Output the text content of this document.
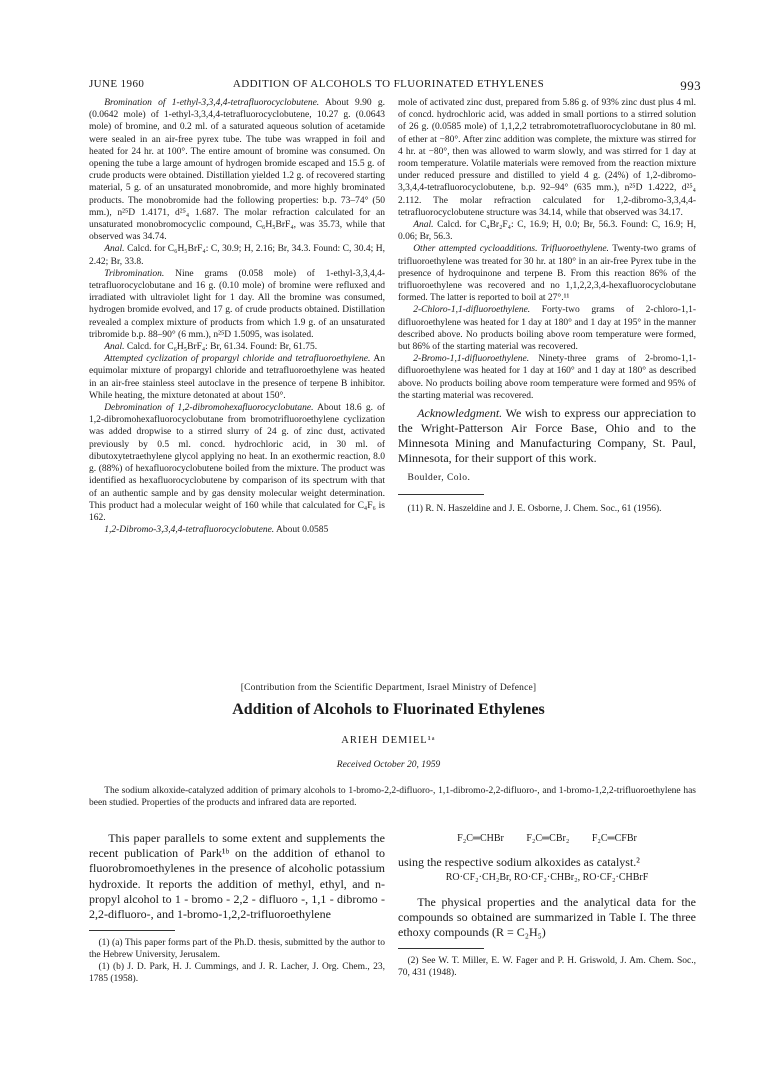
JUNE 1960	ADDITION OF ALCOHOLS TO FLUORINATED ETHYLENES	993

Bromination of 1-ethyl-3,3,4,4-tetrafluorocyclobutene. About 9.90 g. (0.0642 mole) of 1-ethyl-3,3,4,4-tetrafluorocyclobutene, 10.27 g. (0.0643 mole) of bromine, and 0.2 ml. of a saturated aqueous solution of acetamide were sealed in an air-free pyrex tube. The tube was wrapped in foil and heated for 24 hr. at 100°. The entire amount of bromine was consumed. On opening the tube a large amount of hydrogen bromide escaped and 15.5 g. of crude products were obtained. Distillation yielded 1.2 g. of recovered starting material, 5 g. of an unsaturated monobromide, and more highly brominated products. The monobromide had the following properties: b.p. 73–74° (50 mm.), n²⁵D 1.4171, d²⁵₄ 1.687. The molar refraction calculated for an unsaturated monobromocyclic compound, C₆H₅BrF₄, was 35.73, while that observed was 34.74.

Anal. Calcd. for C₆H₅BrF₄: C, 30.9; H, 2.16; Br, 34.3. Found: C, 30.4; H, 2.42; Br, 33.8.

Tribromination. Nine grams (0.058 mole) of 1-ethyl-3,3,4,4-tetrafluorocyclobutane and 16 g. (0.10 mole) of bromine were refluxed and irradiated with ultraviolet light for 1 day. All the bromine was consumed, hydrogen bromide evolved, and 17 g. of crude products obtained. Distillation revealed a complex mixture of products from which 1.9 g. of an unsaturated tribromide b.p. 88–90° (6 mm.), n²⁵D 1.5095, was isolated.

Anal. Calcd. for C₆H₅BrF₄: Br, 61.34. Found: Br, 61.75.

Attempted cyclization of propargyl chloride and tetrafluoroethylene. An equimolar mixture of propargyl chloride and tetrafluoroethylene was heated in an air-free stainless steel autoclave in the presence of terpene B inhibitor. While heating, the mixture detonated at about 150°.

Debromination of 1,2-dibromohexafluorocyclobutane. About 18.6 g. of 1,2-dibromohexafluorocyclobutane from bromotrifluoroethylene cyclization was added dropwise to a stirred slurry of 24 g. of zinc dust, activated previously by 0.5 ml. concd. hydrochloric acid, in 30 ml. of dibutoxytetraethylene glycol applying no heat. In an exothermic reaction, 8.0 g. (88%) of hexafluorocyclobutene boiled from the mixture. The product was identified as hexafluorocyclobutene by comparison of its spectrum with that of an authentic sample and by gas density molecular weight determination. This product had a molecular weight of 160 while that calculated for C₄F₆ is 162.

1,2-Dibromo-3,3,4,4-tetrafluorocyclobutene. About 0.0585

mole of activated zinc dust, prepared from 5.86 g. of 93% zinc dust plus 4 ml. of concd. hydrochloric acid, was added in small portions to a stirred solution of 26 g. (0.0585 mole) of 1,1,2,2 tetrabromotetrafluorocyclobutane in 80 ml. of ether at −80°. After zinc addition was complete, the mixture was stirred for 4 hr. at −80°, then was allowed to warm slowly, and was stirred for 1 day at room temperature. Volatile materials were removed from the reaction mixture under reduced pressure and distilled to yield 4 g. (24%) of 1,2-dibromo-3,3,4,4-tetrafluorocyclobutene, b.p. 92–94° (635 mm.), n²⁵D 1.4222, d²⁵₄ 2.112. The molar refraction calculated for 1,2-dibromo-3,3,4,4-tetrafluorocyclobutene structure was 34.14, while that observed was 34.17.

Anal. Calcd. for C₄Br₂F₄: C, 16.9; H, 0.0; Br, 56.3. Found: C, 16.9; H, 0.06; Br, 56.3.

Other attempted cycloadditions. Trifluoroethylene. Twenty-two grams of trifluoroethylene was treated for 30 hr. at 180° in an air-free Pyrex tube in the presence of hydroquinone and terpene B. From this reaction 86% of the trifluoroethylene was recovered and no 1,1,2,2,3,4-hexafluorocyclobutane formed. The latter is reported to boil at 27°.¹¹

2-Chloro-1,1-difluoroethylene. Forty-two grams of 2-chloro-1,1-difluoroethylene was heated for 1 day at 180° and 1 day at 195° in the manner described above. No products boiling above room temperature were formed, but 86% of the starting material was recovered.

2-Bromo-1,1-difluoroethylene. Ninety-three grams of 2-bromo-1,1-difluoroethylene was heated for 1 day at 160° and 1 day at 180° as described above. No products boiling above room temperature were formed and 95% of the starting material was recovered.

Acknowledgment. We wish to express our appreciation to the Wright-Patterson Air Force Base, Ohio and to the Minnesota Mining and Manufacturing Company, St. Paul, Minnesota, for their support of this work.

Boulder, Colo.

(11) R. N. Haszeldine and J. E. Osborne, J. Chem. Soc., 61 (1956).

[Contribution from the Scientific Department, Israel Ministry of Defence]
Addition of Alcohols to Fluorinated Ethylenes
ARIEH DEMIEL¹ᵃ
Received October 20, 1959
The sodium alkoxide-catalyzed addition of primary alcohols to 1-bromo-2,2-difluoro-, 1,1-dibromo-2,2-difluoro-, and 1-bromo-1,2,2-trifluoroethylene has been studied. Properties of the products and infrared data are reported.

This paper parallels to some extent and supplements the recent publication of Park¹ᵇ on the addition of ethanol to fluorobromoethylenes in the presence of alcoholic potassium hydroxide. It reports the addition of methyl, ethyl, and n-propyl alcohol to 1 - bromo - 2,2 - difluoro -, 1,1 - dibromo - 2,2-difluoro-, and 1-bromo-1,2,2-trifluoroethylene

(1) (a) This paper forms part of the Ph.D. thesis, submitted by the author to the Hebrew University, Jerusalem.

(1) (b) J. D. Park, H. J. Cummings, and J. R. Lacher, J. Org. Chem., 23, 1785 (1958).

F₂C═CHBr F₂C═CBr₂ F₂C═CFBr

using the respective sodium alkoxides as catalyst.²

RO·CF₂·CH₂Br, RO·CF₂·CHBr₂, RO·CF₂·CHBrF

The physical properties and the analytical data for the compounds so obtained are summarized in Table I. The three ethoxy compounds (R = C₂H₅)

(2) See W. T. Miller, E. W. Fager and P. H. Griswold, J. Am. Chem. Soc., 70, 431 (1948).
